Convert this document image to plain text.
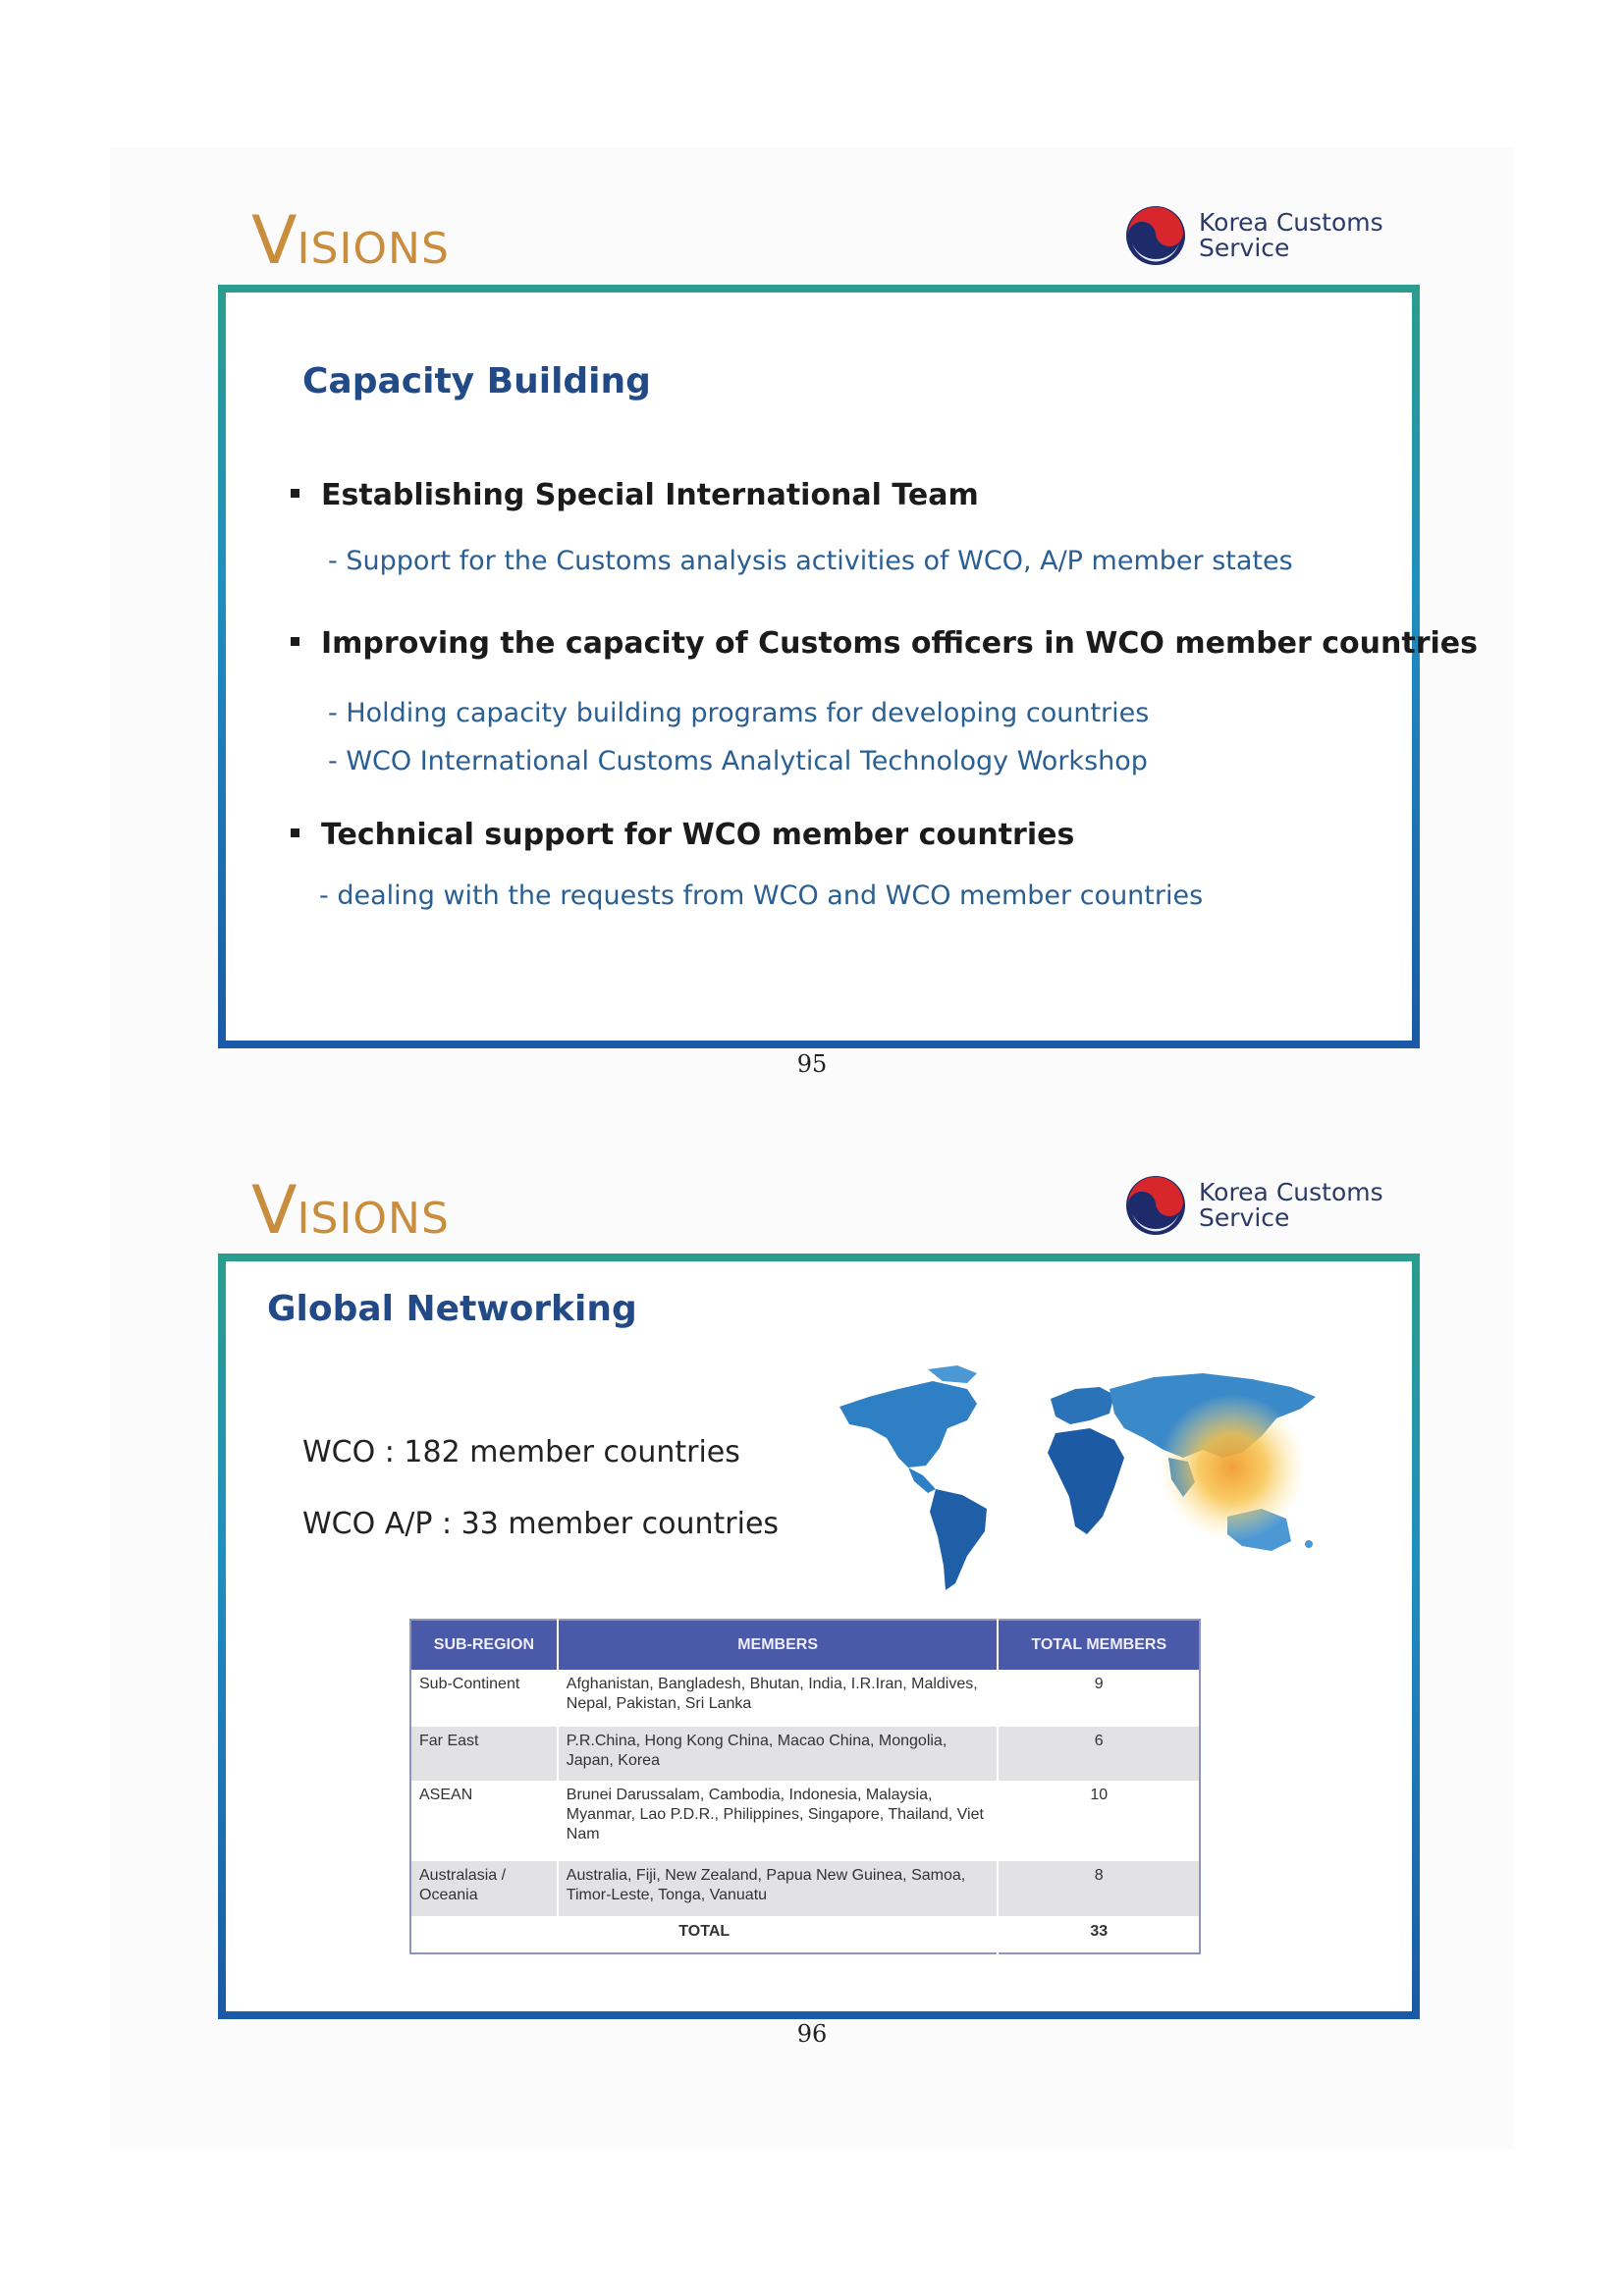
VISIONS
Korea Customs
Service
Capacity Building
Establishing Special International Team
- Support for the Customs analysis activities of WCO, A/P member states
Improving the capacity of Customs officers in WCO member countries
- Holding capacity building programs for developing countries
- WCO International Customs Analytical Technology Workshop
Technical support for WCO member countries
- dealing with the requests from WCO and WCO member countries
95
VISIONS
Korea Customs
Service
Global Networking
WCO : 182 member countries
WCO A/P : 33 member countries
SUB-REGION	MEMBERS	TOTAL MEMBERS
Sub-Continent	Afghanistan, Bangladesh, Bhutan, India, I.R.Iran, Maldives, Nepal, Pakistan, Sri Lanka	9
Far East	P.R.China, Hong Kong China, Macao China, Mongolia, Japan, Korea	6
ASEAN	Brunei Darussalam, Cambodia, Indonesia, Malaysia, Myanmar, Lao P.D.R., Philippines, Singapore, Thailand, Viet Nam	10
Australasia / Oceania	Australia, Fiji, New Zealand, Papua New Guinea, Samoa, Timor-Leste, Tonga, Vanuatu	8
TOTAL		33
96
